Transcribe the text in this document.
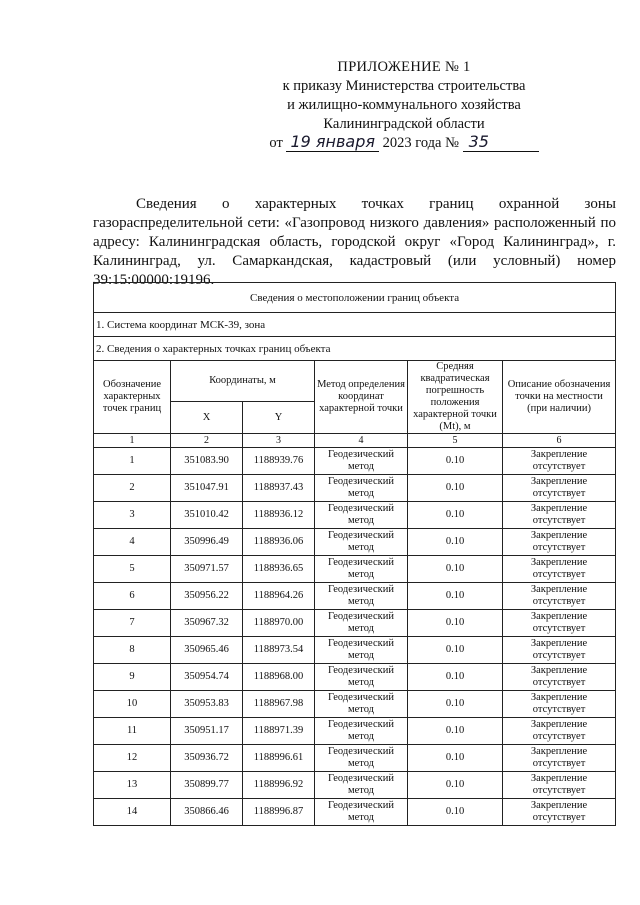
ПРИЛОЖЕНИЕ № 1
к приказу Министерства строительства
и жилищно-коммунального хозяйства
Калининградской области
от 19 января 2023 года № 35

Сведения о характерных точках границ охранной зоны газораспределительной сети: «Газопровод низкого давления» расположенный по адресу: Калининградская область, городской округ «Город Калининград», г. Калининград, ул. Самаркандская, кадастровый (или условный) номер 39:15:00000:19196.

Сведения о местоположении границ объекта					
1. Система координат МСК-39, зона					
2. Сведения о характерных точках границ объекта					
Обозначение характерных точек границ	Координаты, м		Метод определения координат характерной точки	Средняя квадратическая погрешность положения характерной точки (Mt), м	Описание обозначения точки на местности (при наличии)
	X	Y			
1	2	3	4	5	6
1	351083.90	1188939.76	Геодезический метод	0.10	Закрепление отсутствует
2	351047.91	1188937.43	Геодезический метод	0.10	Закрепление отсутствует
3	351010.42	1188936.12	Геодезический метод	0.10	Закрепление отсутствует
4	350996.49	1188936.06	Геодезический метод	0.10	Закрепление отсутствует
5	350971.57	1188936.65	Геодезический метод	0.10	Закрепление отсутствует
6	350956.22	1188964.26	Геодезический метод	0.10	Закрепление отсутствует
7	350967.32	1188970.00	Геодезический метод	0.10	Закрепление отсутствует
8	350965.46	1188973.54	Геодезический метод	0.10	Закрепление отсутствует
9	350954.74	1188968.00	Геодезический метод	0.10	Закрепление отсутствует
10	350953.83	1188967.98	Геодезический метод	0.10	Закрепление отсутствует
11	350951.17	1188971.39	Геодезический метод	0.10	Закрепление отсутствует
12	350936.72	1188996.61	Геодезический метод	0.10	Закрепление отсутствует
13	350899.77	1188996.92	Геодезический метод	0.10	Закрепление отсутствует
14	350866.46	1188996.87	Геодезический метод	0.10	Закрепление отсутствует
